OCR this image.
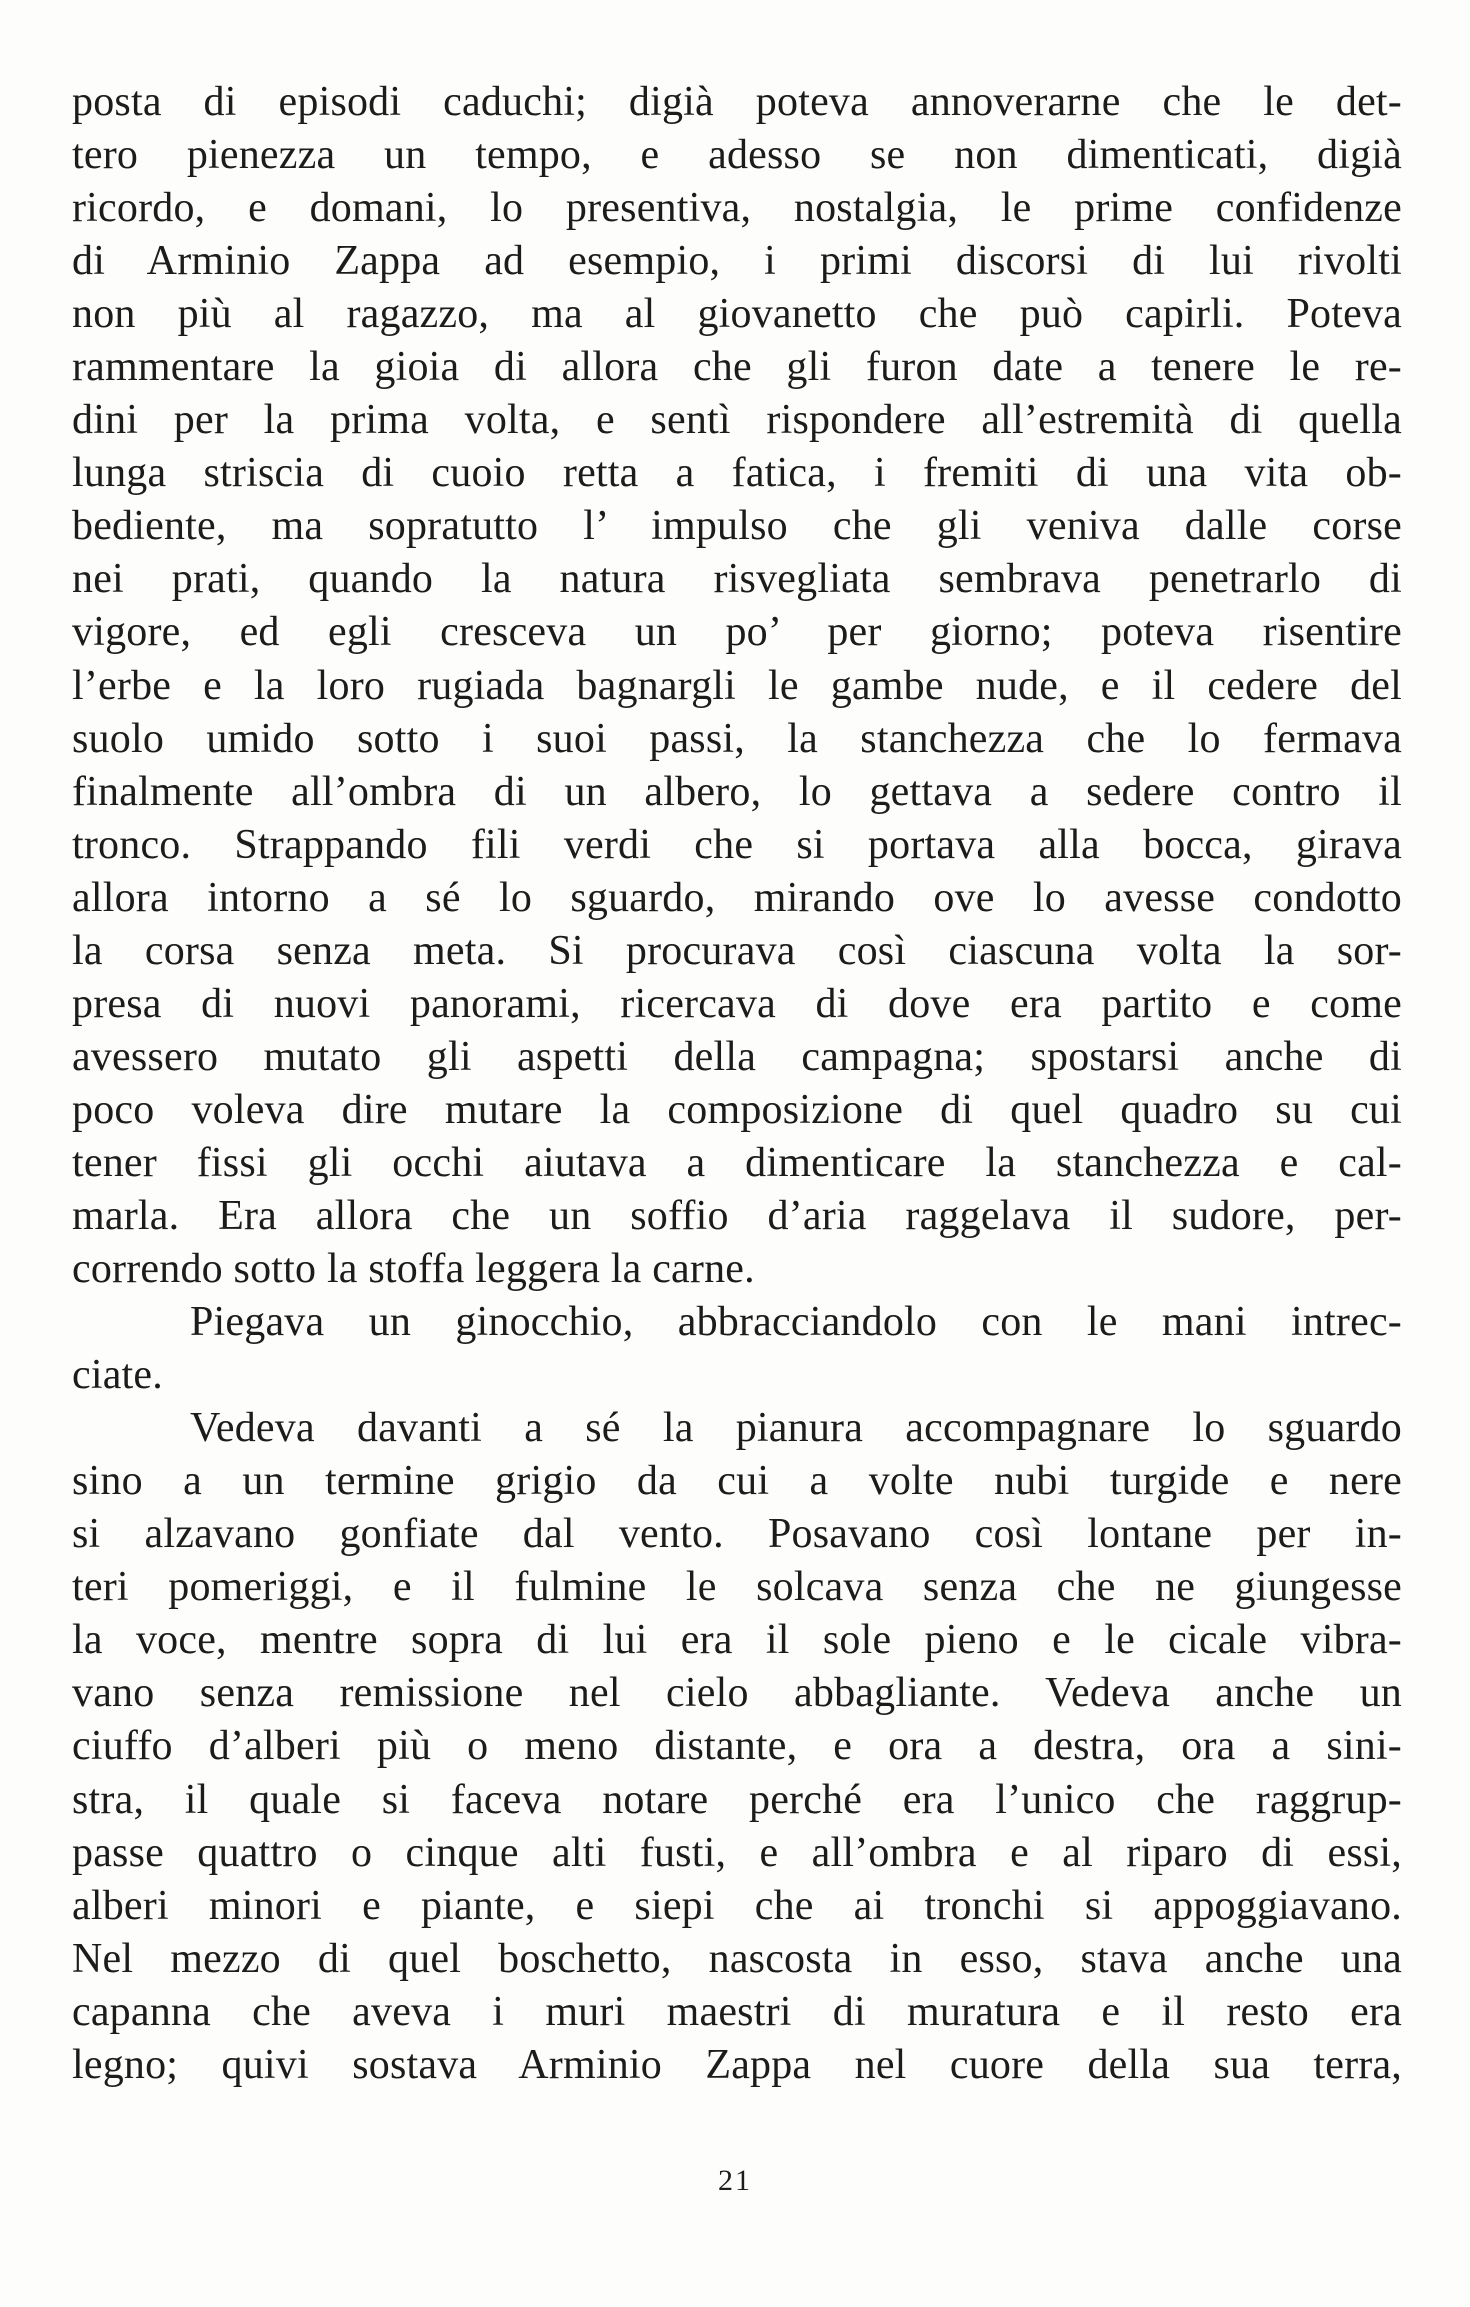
posta di episodi caduchi; digià poteva annoverarne che le det-
tero pienezza un tempo, e adesso se non dimenticati, digià
ricordo, e domani, lo presentiva, nostalgia, le prime confidenze
di Arminio Zappa ad esempio, i primi discorsi di lui rivolti
non più al ragazzo, ma al giovanetto che può capirli. Poteva
rammentare la gioia di allora che gli furon date a tenere le re-
dini per la prima volta, e sentì rispondere all’estremità di quella
lunga striscia di cuoio retta a fatica, i fremiti di una vita ob-
bediente, ma sopratutto l’ impulso che gli veniva dalle corse
nei prati, quando la natura risvegliata sembrava penetrarlo di
vigore, ed egli cresceva un po’ per giorno; poteva risentire
l’erbe e la loro rugiada bagnargli le gambe nude, e il cedere del
suolo umido sotto i suoi passi, la stanchezza che lo fermava
finalmente all’ombra di un albero, lo gettava a sedere contro il
tronco. Strappando fili verdi che si portava alla bocca, girava
allora intorno a sé lo sguardo, mirando ove lo avesse condotto
la corsa senza meta. Si procurava così ciascuna volta la sor-
presa di nuovi panorami, ricercava di dove era partito e come
avessero mutato gli aspetti della campagna; spostarsi anche di
poco voleva dire mutare la composizione di quel quadro su cui
tener fissi gli occhi aiutava a dimenticare la stanchezza e cal-
marla. Era allora che un soffio d’aria raggelava il sudore, per-
correndo sotto la stoffa leggera la carne.
Piegava un ginocchio, abbracciandolo con le mani intrec-
ciate.
Vedeva davanti a sé la pianura accompagnare lo sguardo
sino a un termine grigio da cui a volte nubi turgide e nere
si alzavano gonfiate dal vento. Posavano così lontane per in-
teri pomeriggi, e il fulmine le solcava senza che ne giungesse
la voce, mentre sopra di lui era il sole pieno e le cicale vibra-
vano senza remissione nel cielo abbagliante. Vedeva anche un
ciuffo d’alberi più o meno distante, e ora a destra, ora a sini-
stra, il quale si faceva notare perché era l’unico che raggrup-
passe quattro o cinque alti fusti, e all’ombra e al riparo di essi,
alberi minori e piante, e siepi che ai tronchi si appoggiavano.
Nel mezzo di quel boschetto, nascosta in esso, stava anche una
capanna che aveva i muri maestri di muratura e il resto era
legno; quivi sostava Arminio Zappa nel cuore della sua terra,
21
